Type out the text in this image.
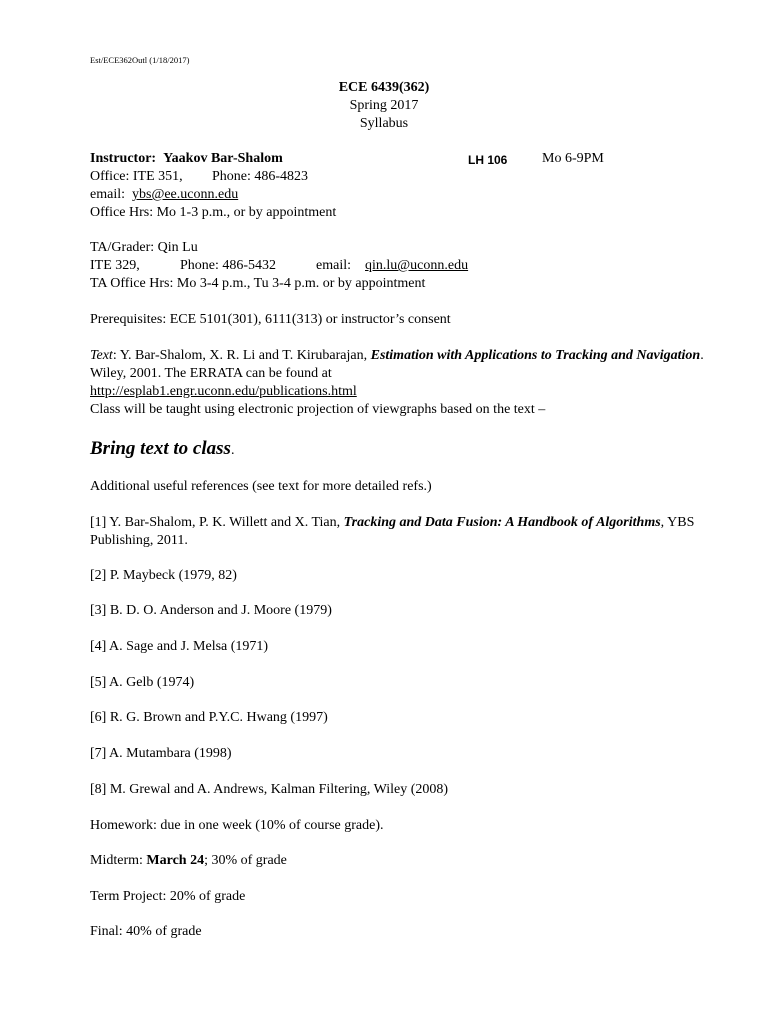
Est/ECE362Outl (1/18/2017)
ECE 6439(362)
Spring 2017
Syllabus
Instructor: Yaakov Bar-Shalom	LH 106 Mo 6-9PM
Office: ITE 351, Phone: 486-4823
email: ybs@ee.uconn.edu
Office Hrs: Mo 1-3 p.m., or by appointment
TA/Grader: Qin Lu
ITE 329,	Phone: 486-5432	email: qin.lu@uconn.edu
TA Office Hrs: Mo 3-4 p.m., Tu 3-4 p.m. or by appointment
Prerequisites: ECE 5101(301), 6111(313) or instructor’s consent
Text: Y. Bar-Shalom, X. R. Li and T. Kirubarajan, Estimation with Applications to Tracking and Navigation. Wiley, 2001. The ERRATA can be found at
http://esplab1.engr.uconn.edu/publications.html
Class will be taught using electronic projection of viewgraphs based on the text –
Bring text to class.
Additional useful references (see text for more detailed refs.)
[1] Y. Bar-Shalom, P. K. Willett and X. Tian, Tracking and Data Fusion: A Handbook of Algorithms, YBS Publishing, 2011.
[2] P. Maybeck (1979, 82)
[3] B. D. O. Anderson and J. Moore (1979)
[4] A. Sage and J. Melsa (1971)
[5] A. Gelb (1974)
[6] R. G. Brown and P.Y.C. Hwang (1997)
[7] A. Mutambara (1998)
[8] M. Grewal and A. Andrews, Kalman Filtering, Wiley (2008)
Homework: due in one week (10% of course grade).
Midterm: March 24; 30% of grade
Term Project: 20% of grade
Final: 40% of grade
